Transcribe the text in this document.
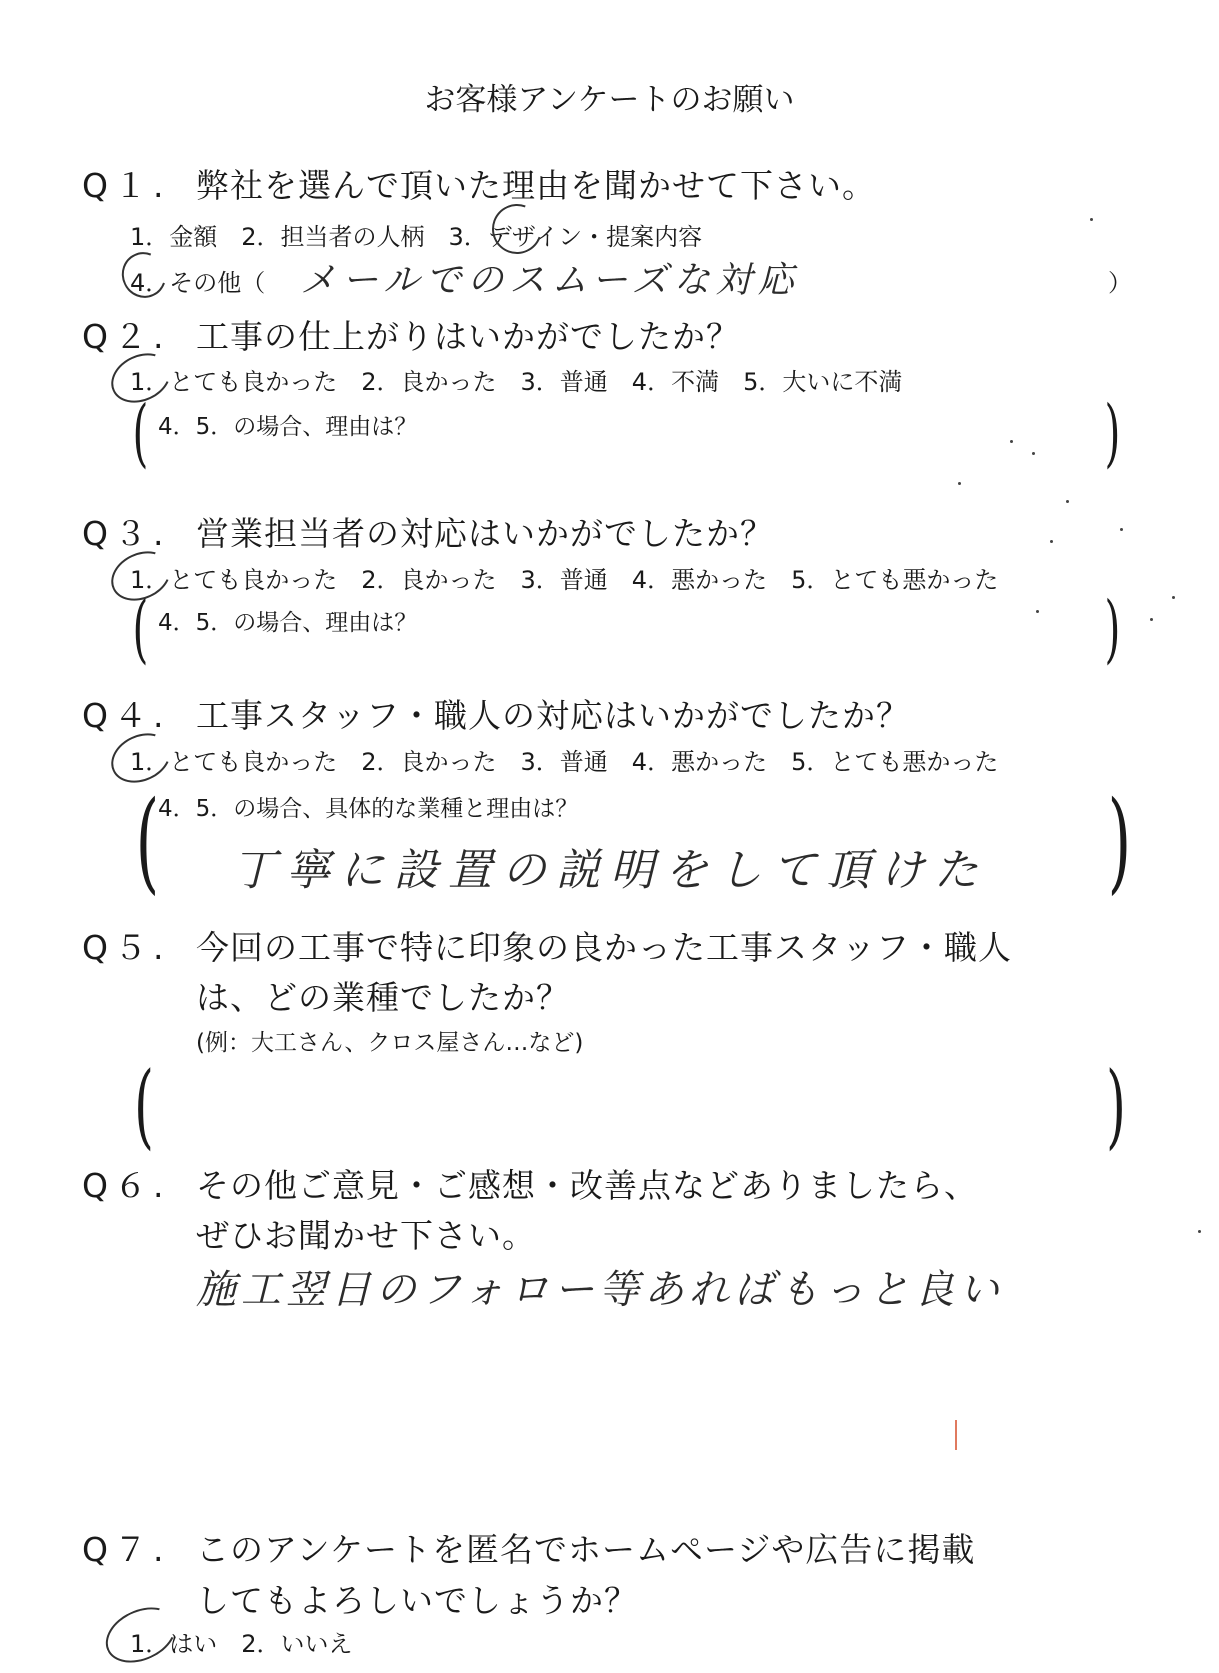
お客様アンケートのお願い
Q１. 弊社を選んで頂いた理由を聞かせて下さい。
1．金額　2．担当者の人柄　3．デザイン・提案内容
4．その他（ メールでのスムーズな対応	）
Q２. 工事の仕上がりはいかがでしたか？
1．とても良かった　2．良かった　3．普通　4．不満　5．大いに不満
( 4．5．の場合、理由は？	)
Q３. 営業担当者の対応はいかがでしたか？
1．とても良かった　2．良かった　3．普通　4．悪かった　5．とても悪かった
( 4．5．の場合、理由は？	)
Q４. 工事スタッフ・職人の対応はいかがでしたか？
1．とても良かった　2．良かった　3．普通　4．悪かった　5．とても悪かった
(
4．5．の場合、具体的な業種と理由は？
丁寧に設置の説明をして頂けた )
Q５. 今回の工事で特に印象の良かった工事スタッフ・職人
は、どの業種でしたか？
(例：大工さん、クロス屋さん…など)
(	)
Q６. その他ご意見・ご感想・改善点などありましたら、
ぜひお聞かせ下さい。
施工翌日のフォロー等あればもっと良い
Q７. このアンケートを匿名でホームページや広告に掲載
してもよろしいでしょうか？
1．はい　2．いいえ
